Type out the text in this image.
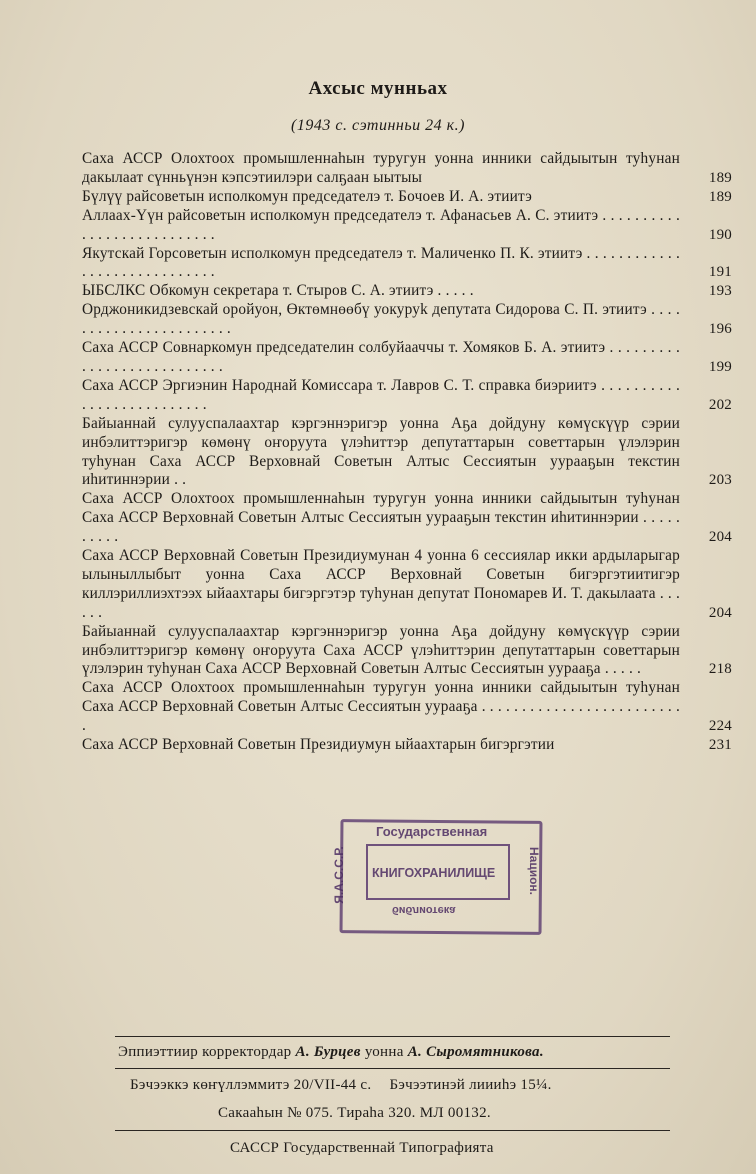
Ахсыс мунньах
(1943 с. сэтинньи 24 к.)
Саха АССР Олохтоох промышленнаһын туругун уонна инники сайдыытын туһунан дакылаат сүнньүнэн кэпсэтиилэри салҕаан ыытыы	189
Бүлүү райсоветын исполкомун председателэ т. Бочоев И. А. этиитэ	189
Аллаах-Үүн райсоветын исполкомун председателэ т. Афанасьев А. С. этиитэ . . . . . . . . . . . . . . . . . . . . . . . . . . .	190
Якутскай Горсоветын исполкомун председателэ т. Маличенко П. К. этиитэ . . . . . . . . . . . . . . . . . . . . . . . . . . . . .	191
ЫБСЛКС Обкомун секретара т. Стыров С. А. этиитэ . . . . .	193
Орджоникидзевскай оройуон, Өктөмнөөбү уокуруk депутата Сидорова С. П. этиитэ . . . . . . . . . . . . . . . . . . . . . . .	196
Саха АССР Совнаркомун председателин солбуйааччы т. Хомяков Б. А. этиитэ . . . . . . . . . . . . . . . . . . . . . . . . . . .	199
Саха АССР Эргиэнин Народнай Комиссара т. Лавров С. Т. справка биэриитэ . . . . . . . . . . . . . . . . . . . . . . . . . .	202
Байыаннай сулууспалаахтар кэргэннэригэр уонна Аҕа дойдуну көмүскүүр сэрии инбэлиттэригэр көмөнү оҥоруута үлэһиттэр депутаттарын советтарын үлэлэрин туһунан Саха АССР Верховнай Советын Алтыс Сессиятын уурааҕын текстин иһитиннэрии . .	203
Саха АССР Олохтоох промышленнаһын туругун уонна инники сайдыытын туһунан Саха АССР Верховнай Советын Алтыс Сессиятын уурааҕын текстин иһитиннэрии . . . . . . . . . .	204
Саха АССР Верховнай Советын Президиумунан 4 уонна 6 сессиялар икки ардыларыгар ылыныллыбыт уонна Саха АССР Верховнай Советын бигэргэтиитигэр киллэриллиэхтээх ыйаахтары бигэргэтэр туһунан депутат Пономарев И. Т. дакылаата . . . . . .	204
Байыаннай сулууспалаахтар кэргэннэригэр уонна Аҕа дойдуну көмүскүүр сэрии инбэлиттэригэр көмөнү оҥоруута Саха АССР үлэһиттэрин депутаттарын советтарын үлэлэрин туһунан Саха АССР Верховнай Советын Алтыс Сессиятын уурааҕа . . . . .	218
Саха АССР Олохтоох промышленнаһын туругун уонна инники сайдыытын туһунан Саха АССР Верховнай Советын Алтыс Сессиятын уурааҕа . . . . . . . . . . . . . . . . . . . . . . . . . .	224
Саха АССР Верховнай Советын Президиумун ыйаахтарын бигэргэтии	231
Государственная
КНИГОХРАНИЛИЩЕ
библиотека
Я.А.С.С.Р.	Национ.
Эппиэттиир корректордар А. Бурцев уонна А. Сыромятникова.
Бэчээккэ көҥүллэммитэ 20/VII-44 с. Бэчээтинэй лиииһэ 15¼.
Сакааһын № 075. Тираһа 320. МЛ 00132.
САССР Государственнай Типографията
